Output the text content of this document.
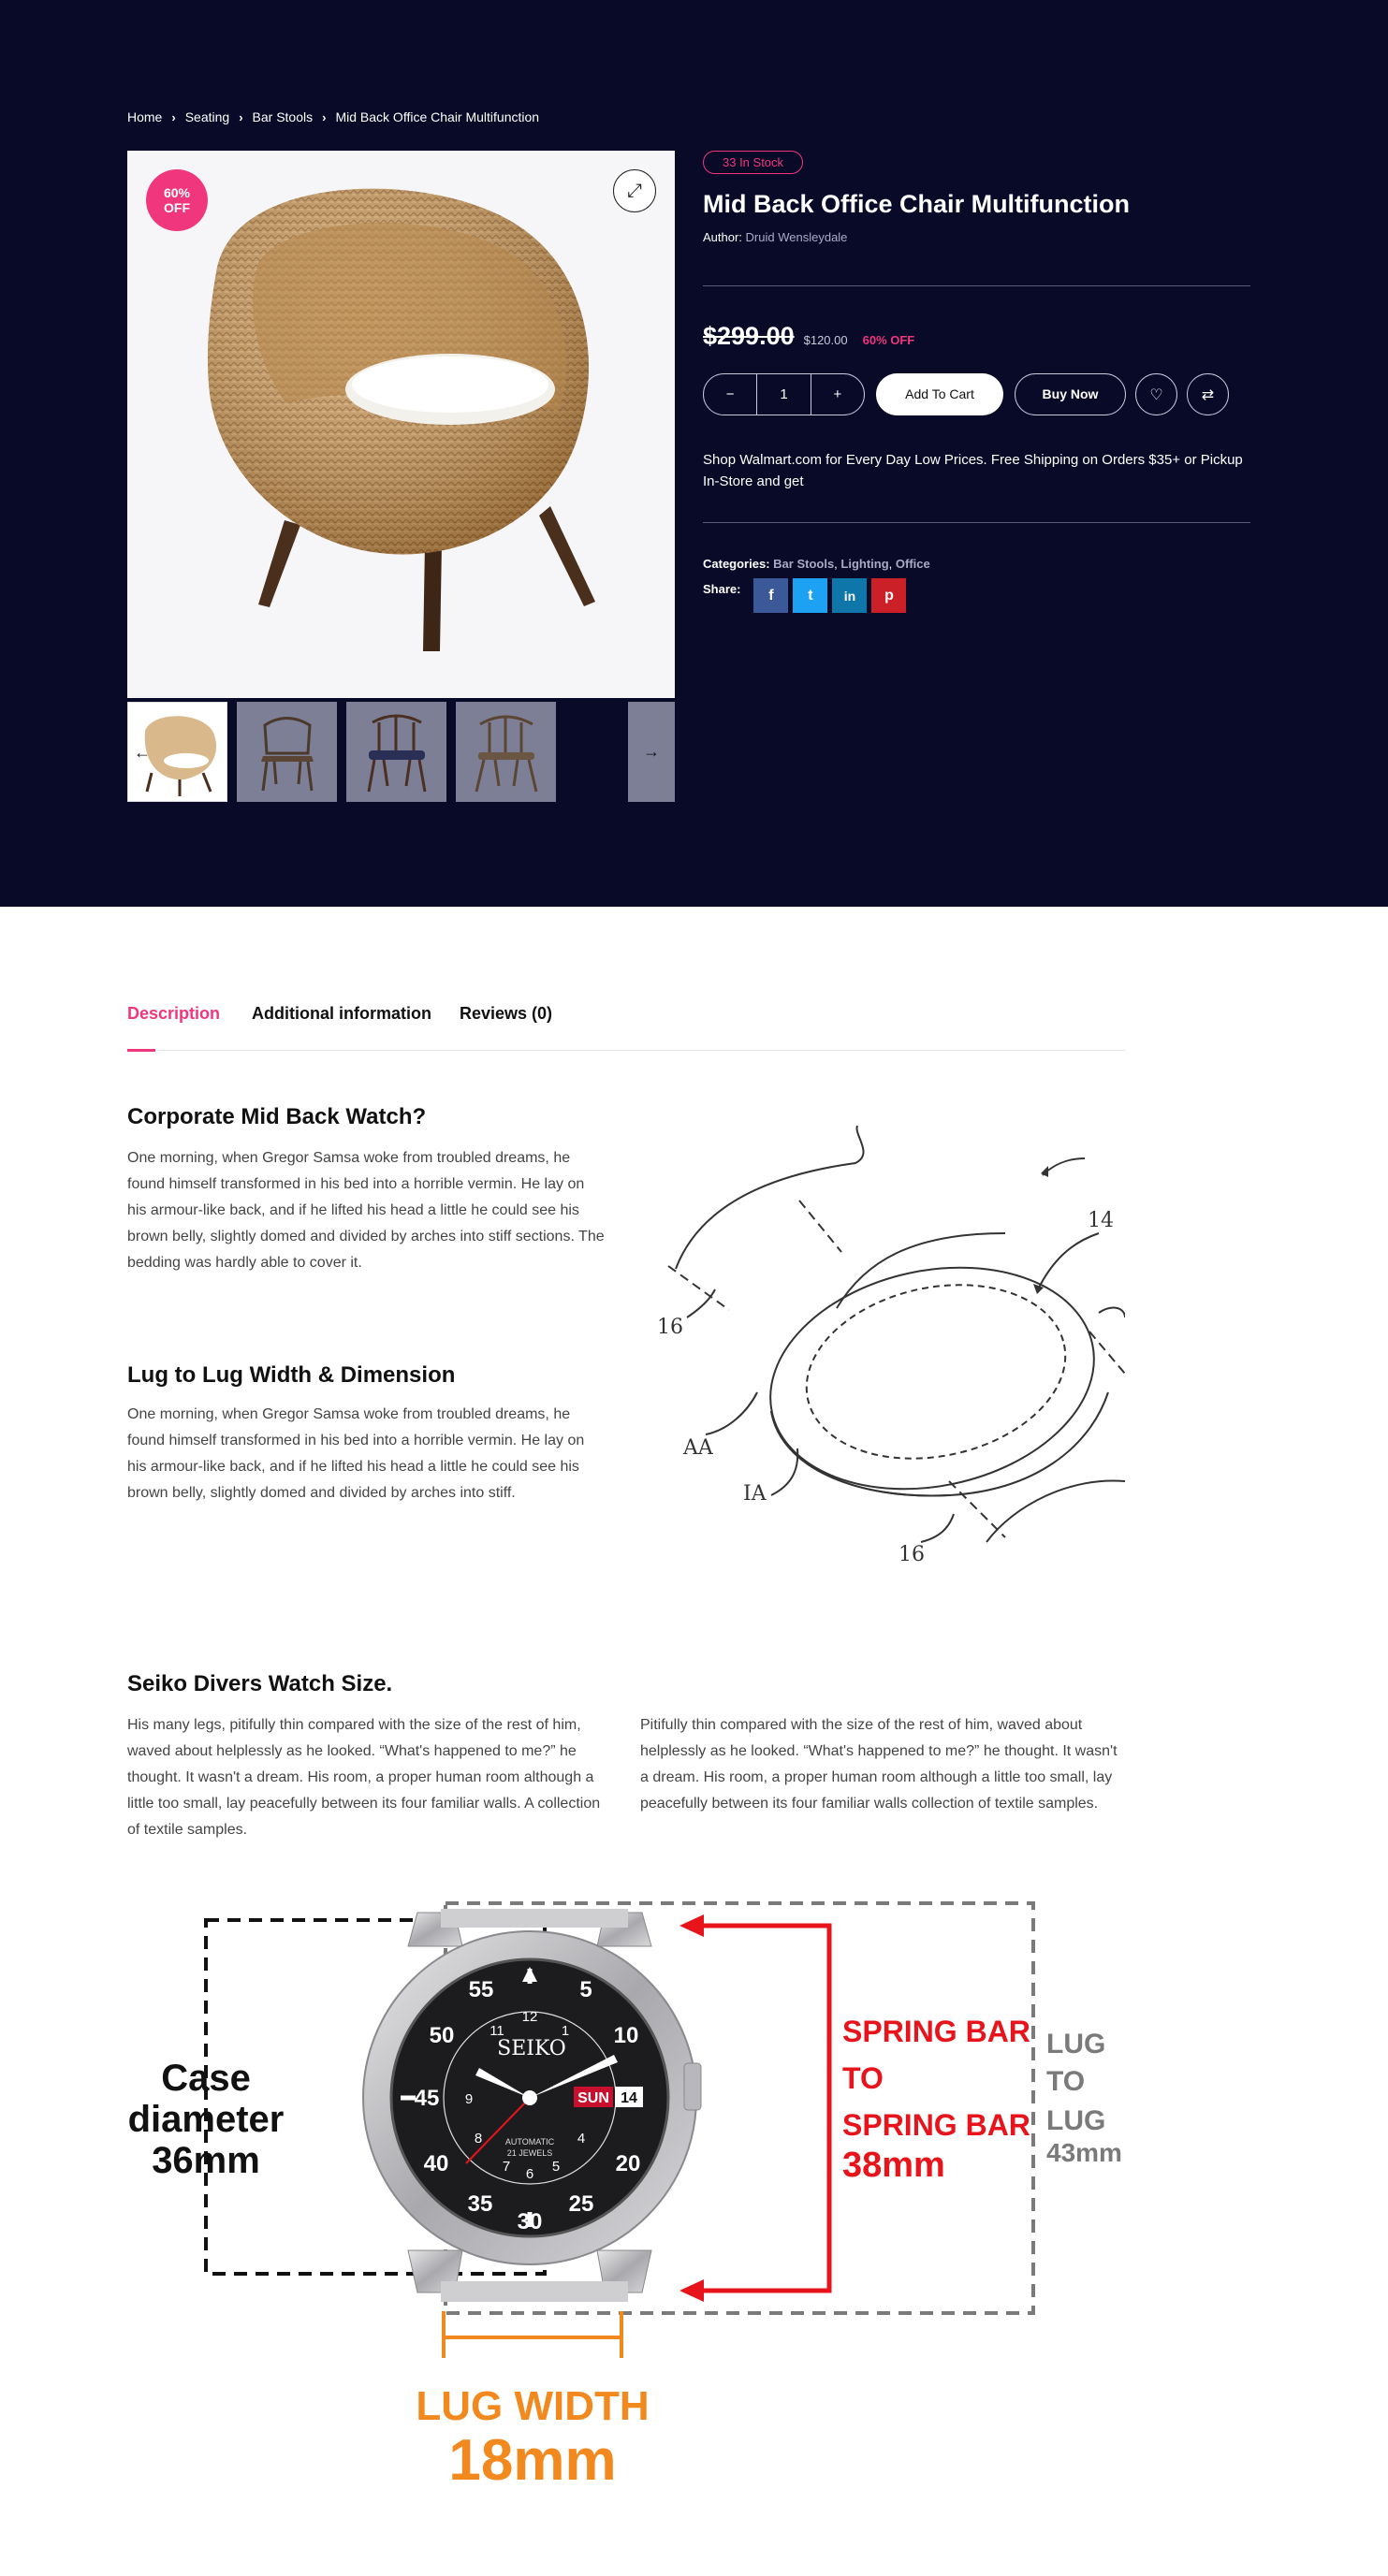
Home › Seating › Bar Stools › Mid Back Office Chair Multifunction
60%
OFF
⤢
←	→
33 In Stock
Mid Back Office Chair Multifunction
Author: Druid Wensleydale
$299.00 $120.00 60% OFF
−	1	+	Add To Cart	Buy Now	♡	⇄

Shop Walmart.com for Every Day Low Prices. Free Shipping on Orders $35+ or Pickup In-Store and get

Categories: Bar Stools, Lighting, Office
Share:	f	t	in	p
Description Additional information Reviews (0)
Corporate Mid Back Watch?

One morning, when Gregor Samsa woke from troubled dreams, he found himself transformed in his bed into a horrible vermin. He lay on his armour-like back, and if he lifted his head a little he could see his brown belly, slightly domed and divided by arches into stiff sections. The bedding was hardly able to cover it.

Lug to Lug Width & Dimension

One morning, when Gregor Samsa woke from troubled dreams, he found himself transformed in his bed into a horrible vermin. He lay on his armour-like back, and if he lifted his head a little he could see his brown belly, slightly domed and divided by arches into stiff.

14
16
AA
IA
16
Seiko Divers Watch Size.

His many legs, pitifully thin compared with the size of the rest of him, waved about helplessly as he looked. “What's happened to me?” he thought. It wasn't a dream. His room, a proper human room although a little too small, lay peacefully between its four familiar walls. A collection of textile samples.

Pitifully thin compared with the size of the rest of him, waved about helplessly as he looked. “What's happened to me?” he thought. It wasn't a dream. His room, a proper human room although a little too small, lay peacefully between its four familiar walls collection of textile samples.

55	5
50	10
45
40	20
35
30
25
12
11	1
9
8
7 6 5
4
SEIKO
SUN 14
AUTOMATIC
21 JEWELS
Case
diameter
36mm
SPRING BAR
TO
SPRING BAR
38mm
LUG
TO
LUG
43mm
LUG WIDTH
18mm
